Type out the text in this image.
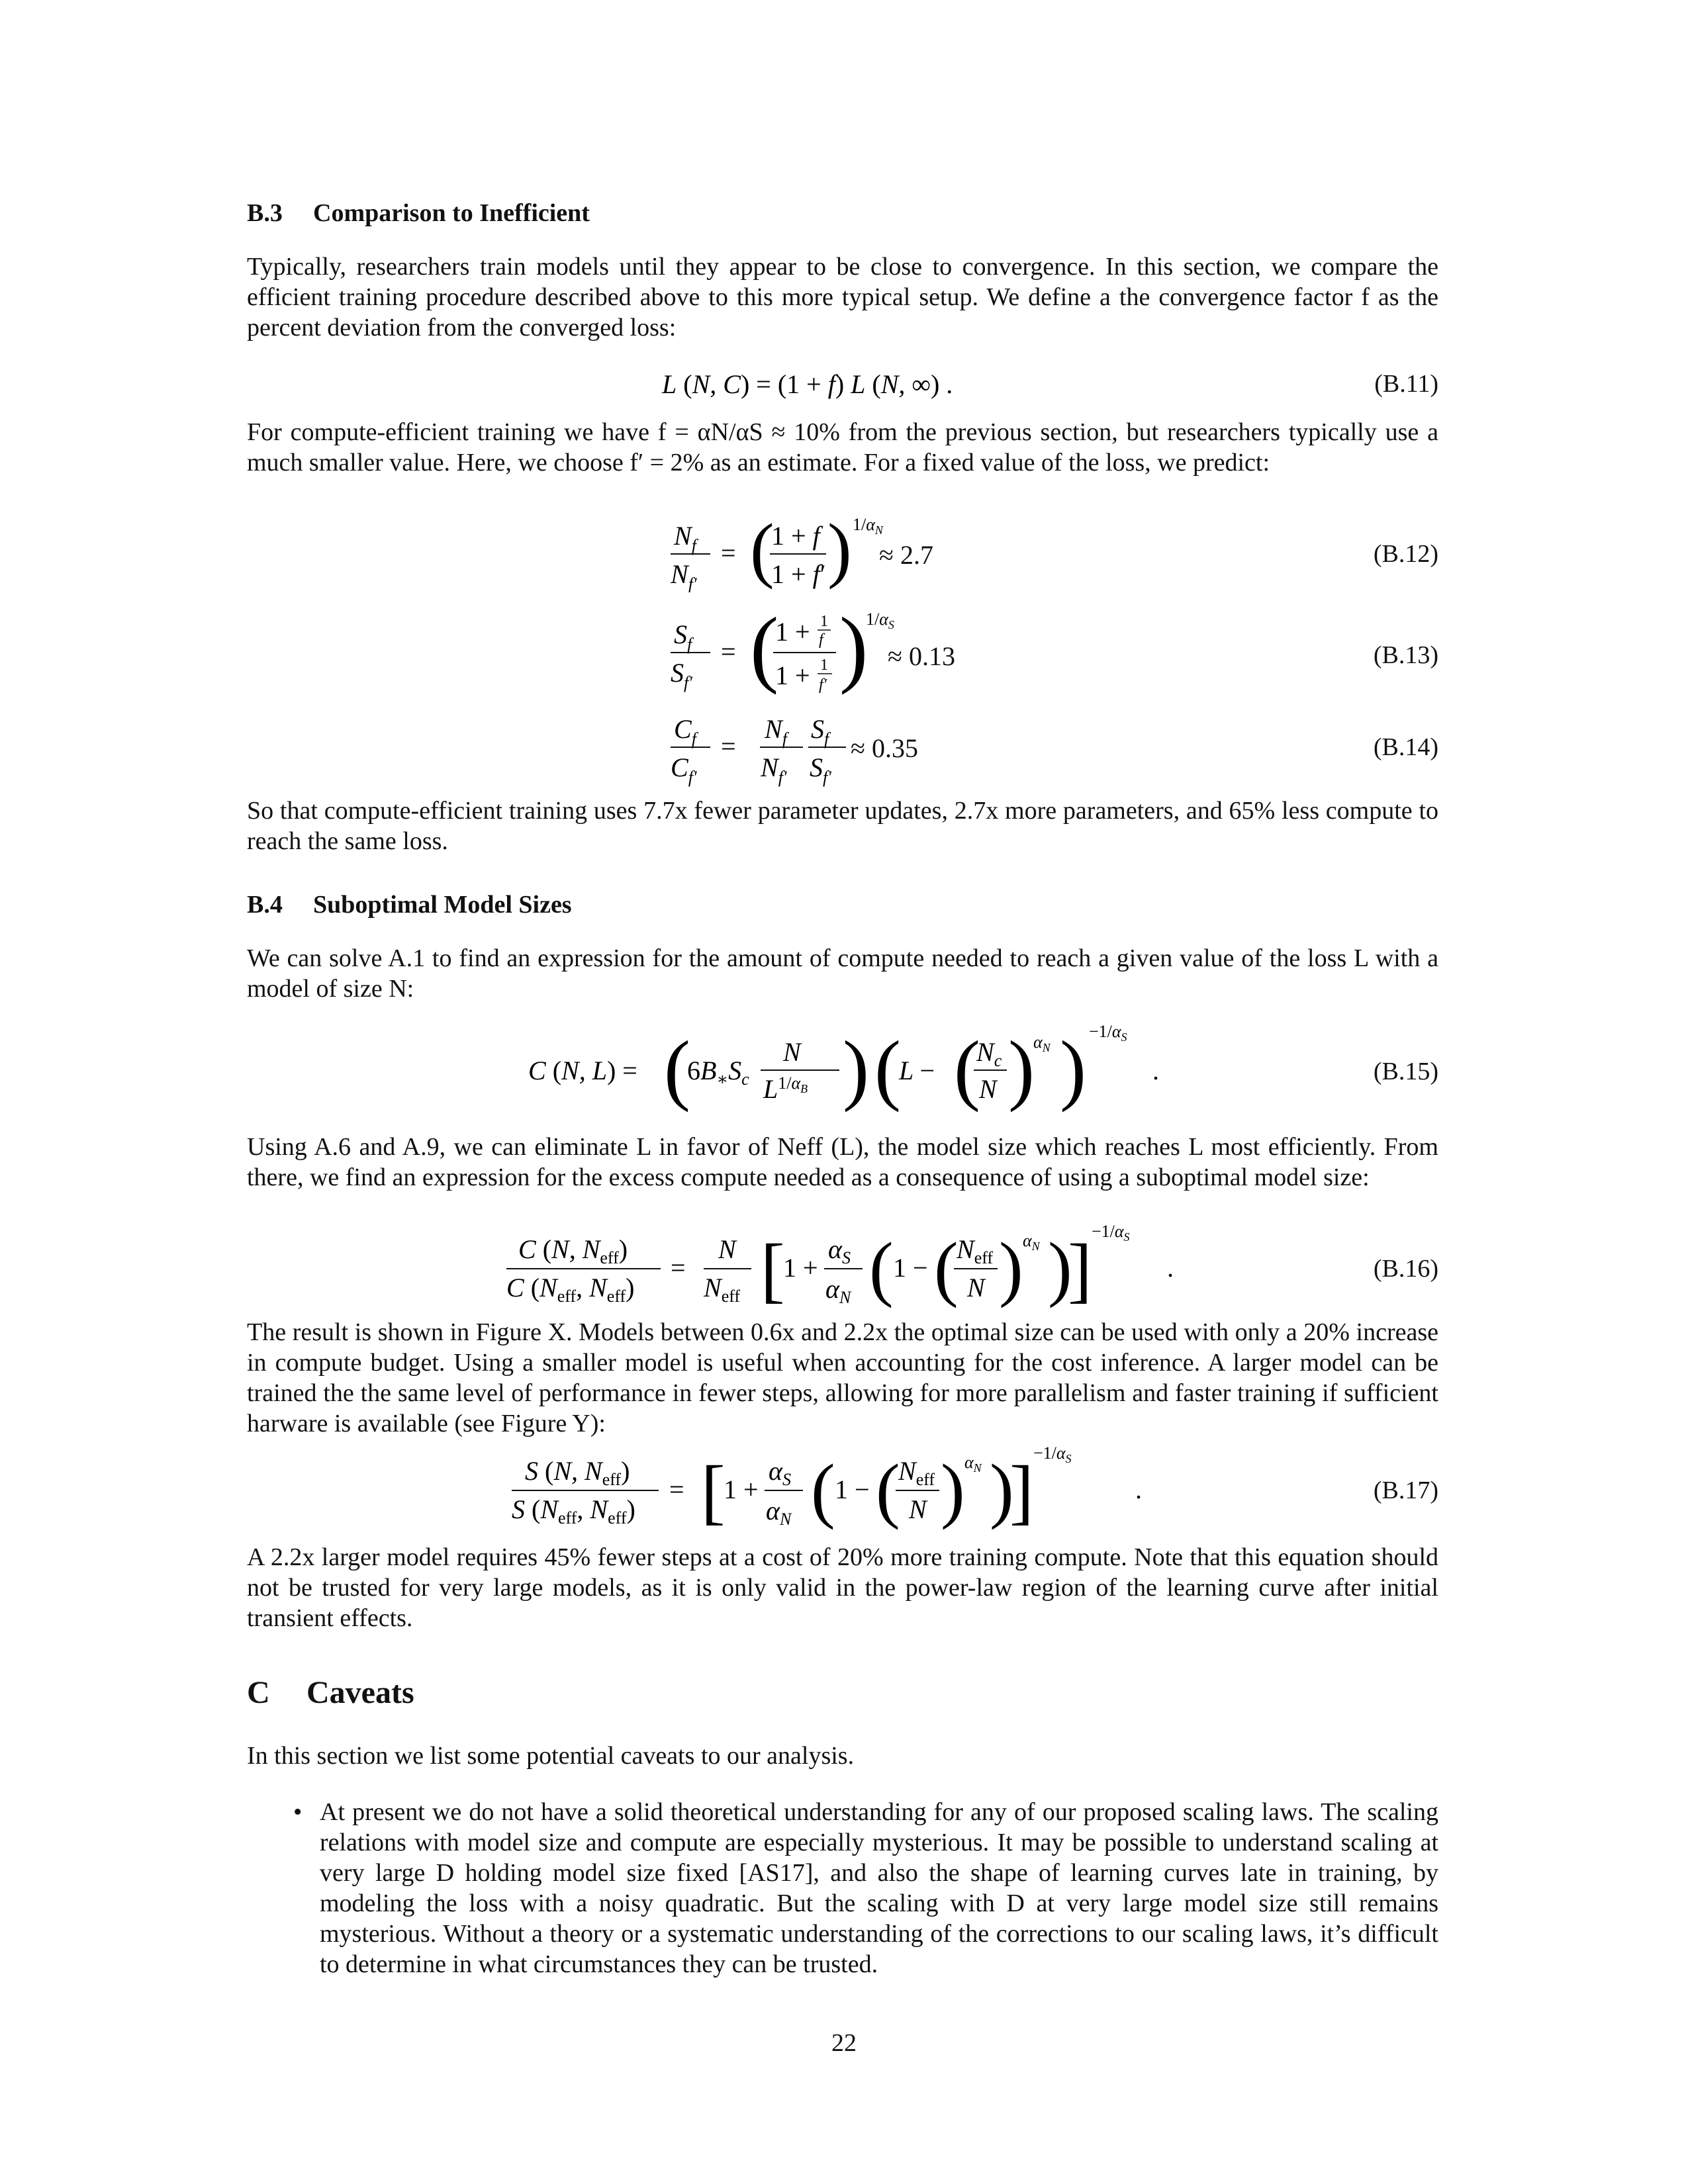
B.3 Comparison to Inefficient

Typically, researchers train models until they appear to be close to convergence. In this section, we compare the efficient training procedure described above to this more typical setup. We define a the convergence factor f as the percent deviation from the converged loss:

L (N, C) = (1 + f) L (N, ∞) .	(B.11)

For compute-efficient training we have f = αN/αS ≈ 10% from the previous section, but researchers typically use a much smaller value. Here, we choose f′ = 2% as an estimate. For a fixed value of the loss, we predict:

$N_f$
$N_{f'}$
= (
1 + f
1 + f′ ) $1/\alpha_N$
≈ 2.7	(B.12)
$S_f$
$S_{f'}$
= (
1 + 1
f
1 + 1
f′ )
$1/\alpha_S$
≈ 0.13	(B.13)
$C_f$
$C_{f'}$
=
$N_f$
$N_{f'}$
$S_f$
$S_{f'}$
≈ 0.35	(B.14)

So that compute-efficient training uses 7.7x fewer parameter updates, 2.7x more parameters, and 65% less compute to reach the same loss.

B.4 Suboptimal Model Sizes

We can solve A.1 to find an expression for the amount of compute needed to reach a given value of the loss L with a model of size N:

C (N, L) = (
$6B_∗S_c$
N
$L^{1/}\alpha B$ ) (
L − (
$N_c$
N )
$\alpha_N$ ) $-1/\alpha_S$
.	(B.15)

Using A.6 and A.9, we can eliminate L in favor of Neff (L), the model size which reaches L most efficiently. From there, we find an expression for the excess compute needed as a consequence of using a suboptimal model size:

C (N, $N_{eff}$)
C ($N_{eff}$, $N_{eff}$)
=
N
$N_{eff}$ [
1 +
$\alpha_S$
$\alpha_N$ ( 1 − (
$N_{eff}$
N ) $\alpha_N$ )
] $-1/\alpha_S$
.	(B.16)

The result is shown in Figure X. Models between 0.6x and 2.2x the optimal size can be used with only a 20% increase in compute budget. Using a smaller model is useful when accounting for the cost inference. A larger model can be trained the the same level of performance in fewer steps, allowing for more parallelism and faster training if sufficient harware is available (see Figure Y):

S (N, $N_{eff}$)
S ($N_{eff}$, $N_{eff}$)
= [
1 +
$\alpha_S$
$\alpha_N$ ( 1 − (
$N_{eff}$
N ) $\alpha_N$ )
] $-1/\alpha_S$
.	(B.17)

A 2.2x larger model requires 45% fewer steps at a cost of 20% more training compute. Note that this equation should not be trusted for very large models, as it is only valid in the power-law region of the learning curve after initial transient effects.

C Caveats

In this section we list some potential caveats to our analysis.

• At present we do not have a solid theoretical understanding for any of our proposed scaling laws. The scaling relations with model size and compute are especially mysterious. It may be possible to understand scaling at very large D holding model size fixed [AS17], and also the shape of learning curves late in training, by modeling the loss with a noisy quadratic. But the scaling with D at very large model size still remains mysterious. Without a theory or a systematic understanding of the corrections to our scaling laws, it’s difficult to determine in what circumstances they can be trusted.
22
